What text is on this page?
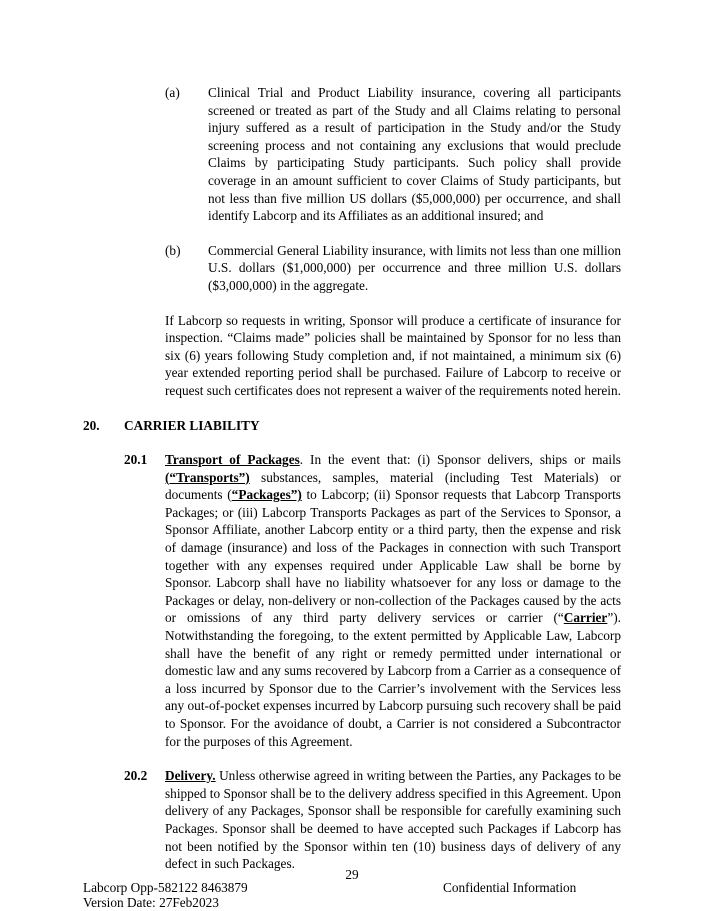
(a)	Clinical Trial and Product Liability insurance, covering all participants screened or treated as part of the Study and all Claims relating to personal injury suffered as a result of participation in the Study and/or the Study screening process and not containing any exclusions that would preclude Claims by participating Study participants. Such policy shall provide coverage in an amount sufficient to cover Claims of Study participants, but not less than five million US dollars ($5,000,000) per occurrence, and shall identify Labcorp and its Affiliates as an additional insured; and
(b)	Commercial General Liability insurance, with limits not less than one million U.S. dollars ($1,000,000) per occurrence and three million U.S. dollars ($3,000,000) in the aggregate.
If Labcorp so requests in writing, Sponsor will produce a certificate of insurance for inspection. “Claims made” policies shall be maintained by Sponsor for no less than six (6) years following Study completion and, if not maintained, a minimum six (6) year extended reporting period shall be purchased. Failure of Labcorp to receive or request such certificates does not represent a waiver of the requirements noted herein.
20.	CARRIER LIABILITY
20.1	Transport of Packages. In the event that: (i) Sponsor delivers, ships or mails (“Transports”) substances, samples, material (including Test Materials) or documents (“Packages”) to Labcorp; (ii) Sponsor requests that Labcorp Transports Packages; or (iii) Labcorp Transports Packages as part of the Services to Sponsor, a Sponsor Affiliate, another Labcorp entity or a third party, then the expense and risk of damage (insurance) and loss of the Packages in connection with such Transport together with any expenses required under Applicable Law shall be borne by Sponsor. Labcorp shall have no liability whatsoever for any loss or damage to the Packages or delay, non-delivery or non-collection of the Packages caused by the acts or omissions of any third party delivery services or carrier (“Carrier”). Notwithstanding the foregoing, to the extent permitted by Applicable Law, Labcorp shall have the benefit of any right or remedy permitted under international or domestic law and any sums recovered by Labcorp from a Carrier as a consequence of a loss incurred by Sponsor due to the Carrier’s involvement with the Services less any out-of-pocket expenses incurred by Labcorp pursuing such recovery shall be paid to Sponsor. For the avoidance of doubt, a Carrier is not considered a Subcontractor for the purposes of this Agreement.
20.2	Delivery. Unless otherwise agreed in writing between the Parties, any Packages to be shipped to Sponsor shall be to the delivery address specified in this Agreement. Upon delivery of any Packages, Sponsor shall be responsible for carefully examining such Packages. Sponsor shall be deemed to have accepted such Packages if Labcorp has not been notified by the Sponsor within ten (10) business days of delivery of any defect in such Packages.
29
Labcorp Opp-582122 8463879
Version Date: 27Feb2023
Confidential Information
